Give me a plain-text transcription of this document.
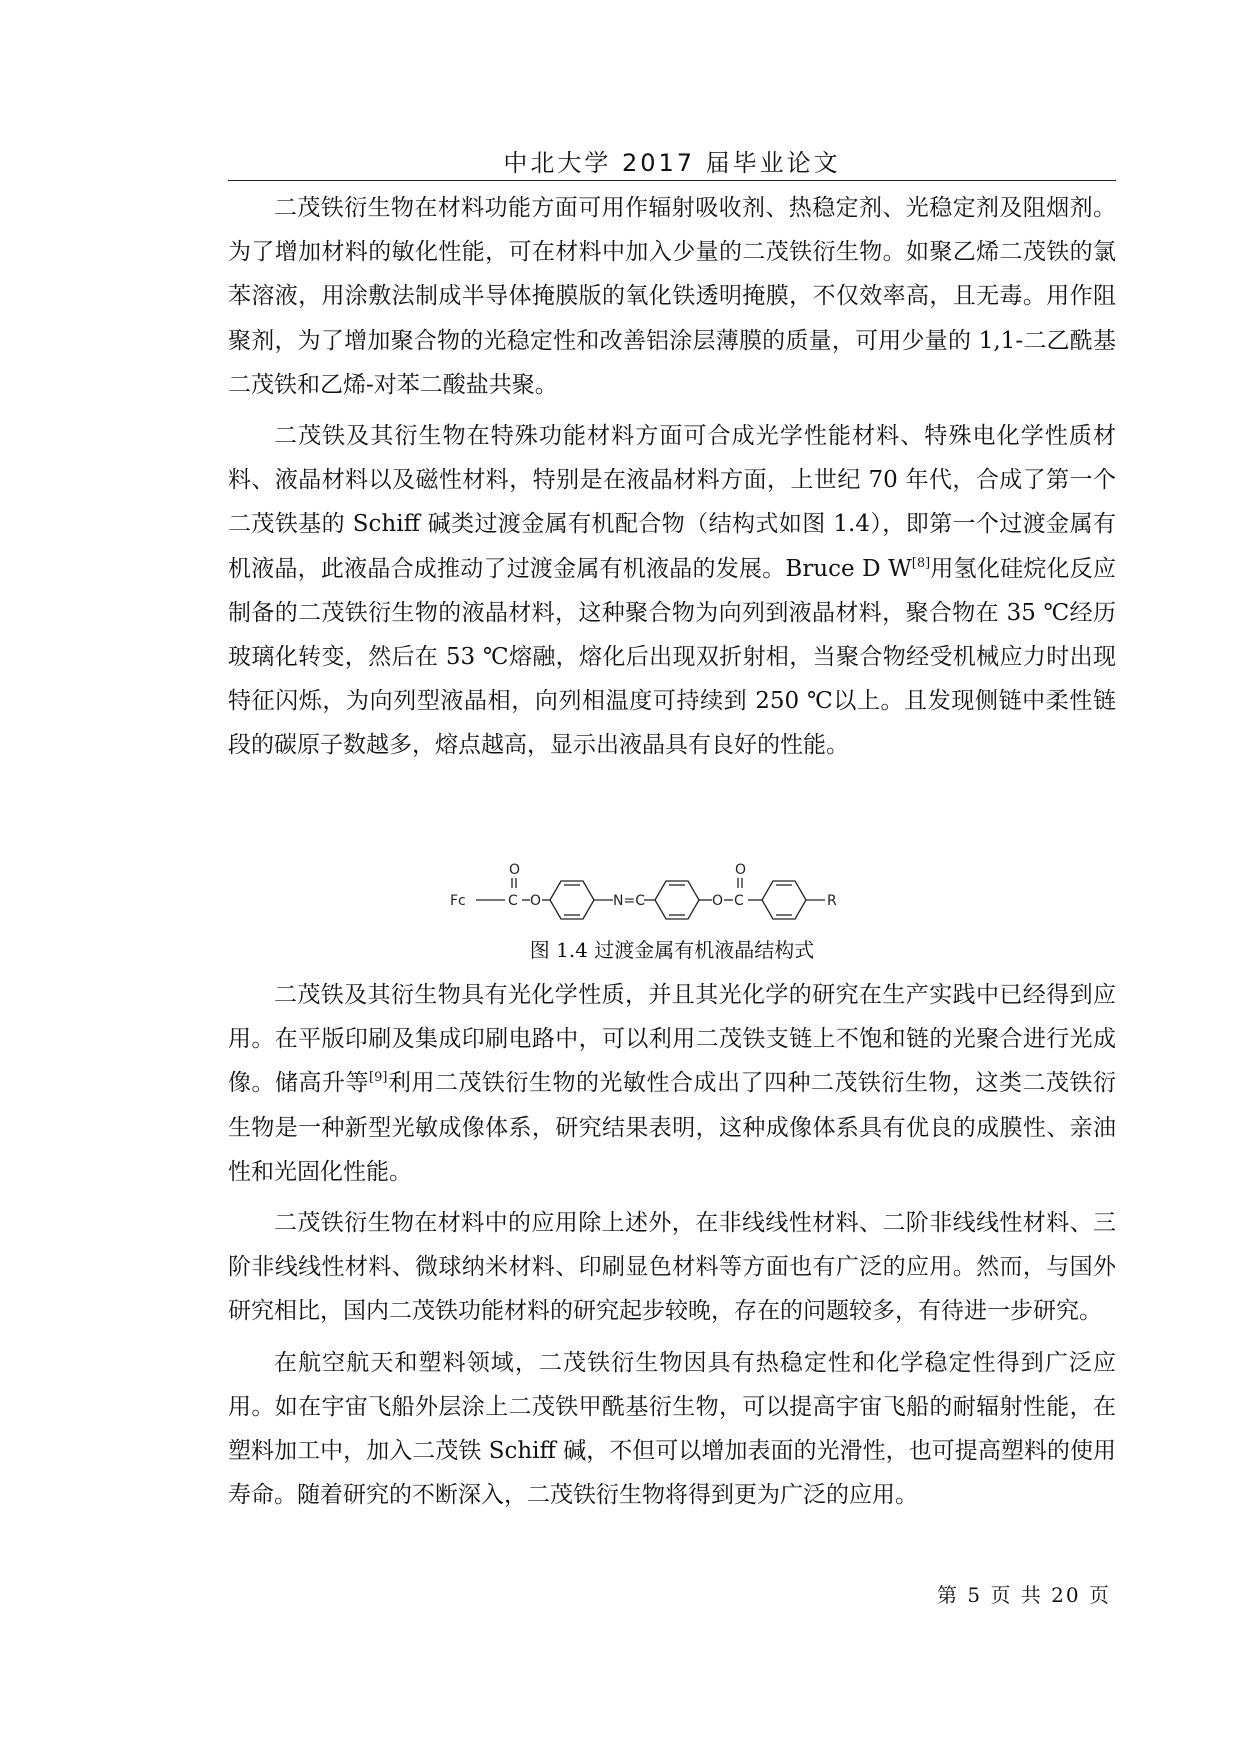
中北大学 2017 届毕业论文

二茂铁衍生物在材料功能方面可用作辐射吸收剂、热稳定剂、光稳定剂及阻烟剂。为了增加材料的敏化性能，可在材料中加入少量的二茂铁衍生物。如聚乙烯二茂铁的氯苯溶液，用涂敷法制成半导体掩膜版的氧化铁透明掩膜，不仅效率高，且无毒。用作阻聚剂，为了增加聚合物的光稳定性和改善铝涂层薄膜的质量，可用少量的 1,1-二乙酰基二茂铁和乙烯-对苯二酸盐共聚。

二茂铁及其衍生物在特殊功能材料方面可合成光学性能材料、特殊电化学性质材料、液晶材料以及磁性材料，特别是在液晶材料方面，上世纪 70 年代，合成了第一个二茂铁基的 Schiff 碱类过渡金属有机配合物（结构式如图 1.4），即第一个过渡金属有机液晶，此液晶合成推动了过渡金属有机液晶的发展。Bruce D W[8]用氢化硅烷化反应制备的二茂铁衍生物的液晶材料，这种聚合物为向列到液晶材料，聚合物在 35 ℃经历玻璃化转变，然后在 53 ℃熔融，熔化后出现双折射相，当聚合物经受机械应力时出现特征闪烁，为向列型液晶相，向列相温度可持续到 250 ℃以上。且发现侧链中柔性链段的碳原子数越多，熔点越高，显示出液晶具有良好的性能。

Fc	C
O
O	N=C	O C
O
R
图 1.4 过渡金属有机液晶结构式

二茂铁及其衍生物具有光化学性质，并且其光化学的研究在生产实践中已经得到应用。在平版印刷及集成印刷电路中，可以利用二茂铁支链上不饱和链的光聚合进行光成像。储高升等[9]利用二茂铁衍生物的光敏性合成出了四种二茂铁衍生物，这类二茂铁衍生物是一种新型光敏成像体系，研究结果表明，这种成像体系具有优良的成膜性、亲油性和光固化性能。

二茂铁衍生物在材料中的应用除上述外，在非线线性材料、二阶非线线性材料、三阶非线线性材料、微球纳米材料、印刷显色材料等方面也有广泛的应用。然而，与国外研究相比，国内二茂铁功能材料的研究起步较晚，存在的问题较多，有待进一步研究。

在航空航天和塑料领域，二茂铁衍生物因具有热稳定性和化学稳定性得到广泛应用。如在宇宙飞船外层涂上二茂铁甲酰基衍生物，可以提高宇宙飞船的耐辐射性能，在塑料加工中，加入二茂铁 Schiff 碱，不但可以增加表面的光滑性，也可提高塑料的使用寿命。随着研究的不断深入，二茂铁衍生物将得到更为广泛的应用。

第 5 页 共 20 页
